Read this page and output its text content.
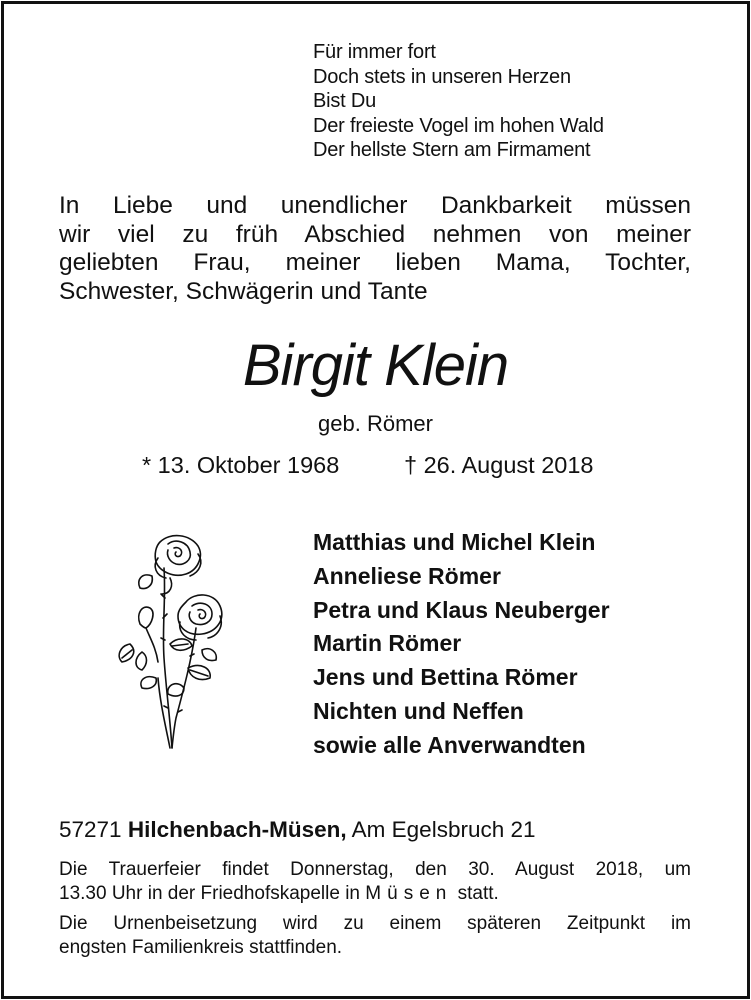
Für immer fort
Doch stets in unseren Herzen
Bist Du
Der freieste Vogel im hohen Wald
Der hellste Stern am Firmament
In Liebe und unendlicher Dankbarkeit müssen
wir viel zu früh Abschied nehmen von meiner
geliebten Frau, meiner lieben Mama, Tochter,
Schwester, Schwägerin und Tante
Birgit Klein
geb. Römer
* 13. Oktober 1968	† 26. August 2018
Matthias und Michel Klein
Anneliese Römer
Petra und Klaus Neuberger
Martin Römer
Jens und Bettina Römer
Nichten und Neffen
sowie alle Anverwandten
57271 Hilchenbach-Müsen, Am Egelsbruch 21
Die Trauerfeier findet Donnerstag, den 30. August 2018, um
13.30 Uhr in der Friedhofskapelle in Müsen statt.
Die Urnenbeisetzung wird zu einem späteren Zeitpunkt im
engsten Familienkreis stattfinden.
